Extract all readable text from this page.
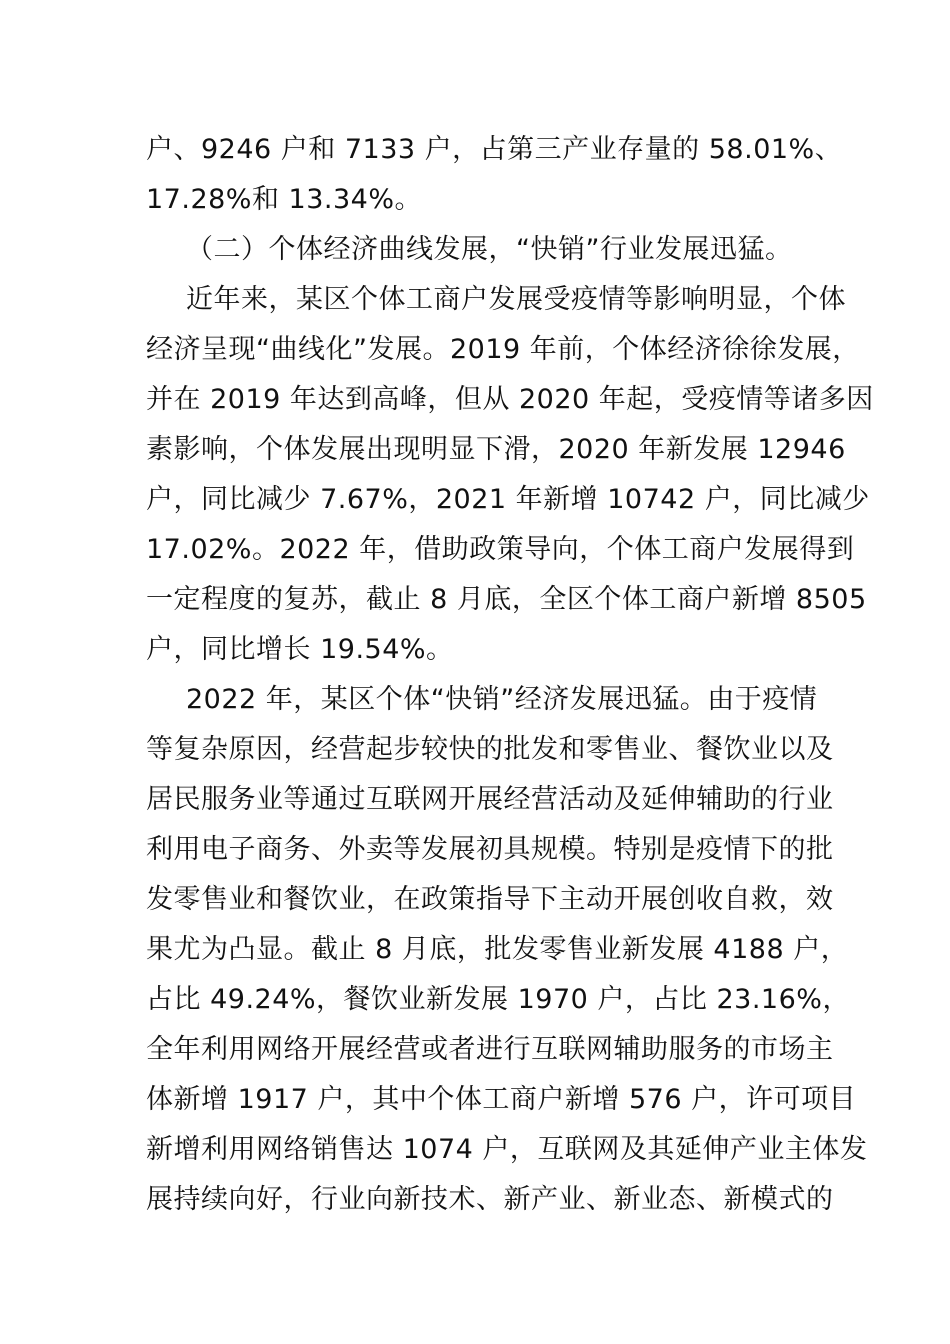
户、9246 户和 7133 户，占第三产业存量的 58.01%、
17.28%和 13.34%。
（二）个体经济曲线发展，“快销”行业发展迅猛。
近年来，某区个体工商户发展受疫情等影响明显，个体
经济呈现“曲线化”发展。2019 年前，个体经济徐徐发展，
并在 2019 年达到高峰，但从 2020 年起，受疫情等诸多因
素影响，个体发展出现明显下滑，2020 年新发展 12946
户，同比减少 7.67%，2021 年新增 10742 户，同比减少
17.02%。2022 年，借助政策导向，个体工商户发展得到
一定程度的复苏，截止 8 月底，全区个体工商户新增 8505
户，同比增长 19.54%。
2022 年，某区个体“快销”经济发展迅猛。由于疫情
等复杂原因，经营起步较快的批发和零售业、餐饮业以及
居民服务业等通过互联网开展经营活动及延伸辅助的行业
利用电子商务、外卖等发展初具规模。特别是疫情下的批
发零售业和餐饮业，在政策指导下主动开展创收自救，效
果尤为凸显。截止 8 月底，批发零售业新发展 4188 户，
占比 49.24%，餐饮业新发展 1970 户，占比 23.16%，
全年利用网络开展经营或者进行互联网辅助服务的市场主
体新增 1917 户，其中个体工商户新增 576 户，许可项目
新增利用网络销售达 1074 户，互联网及其延伸产业主体发
展持续向好，行业向新技术、新产业、新业态、新模式的
